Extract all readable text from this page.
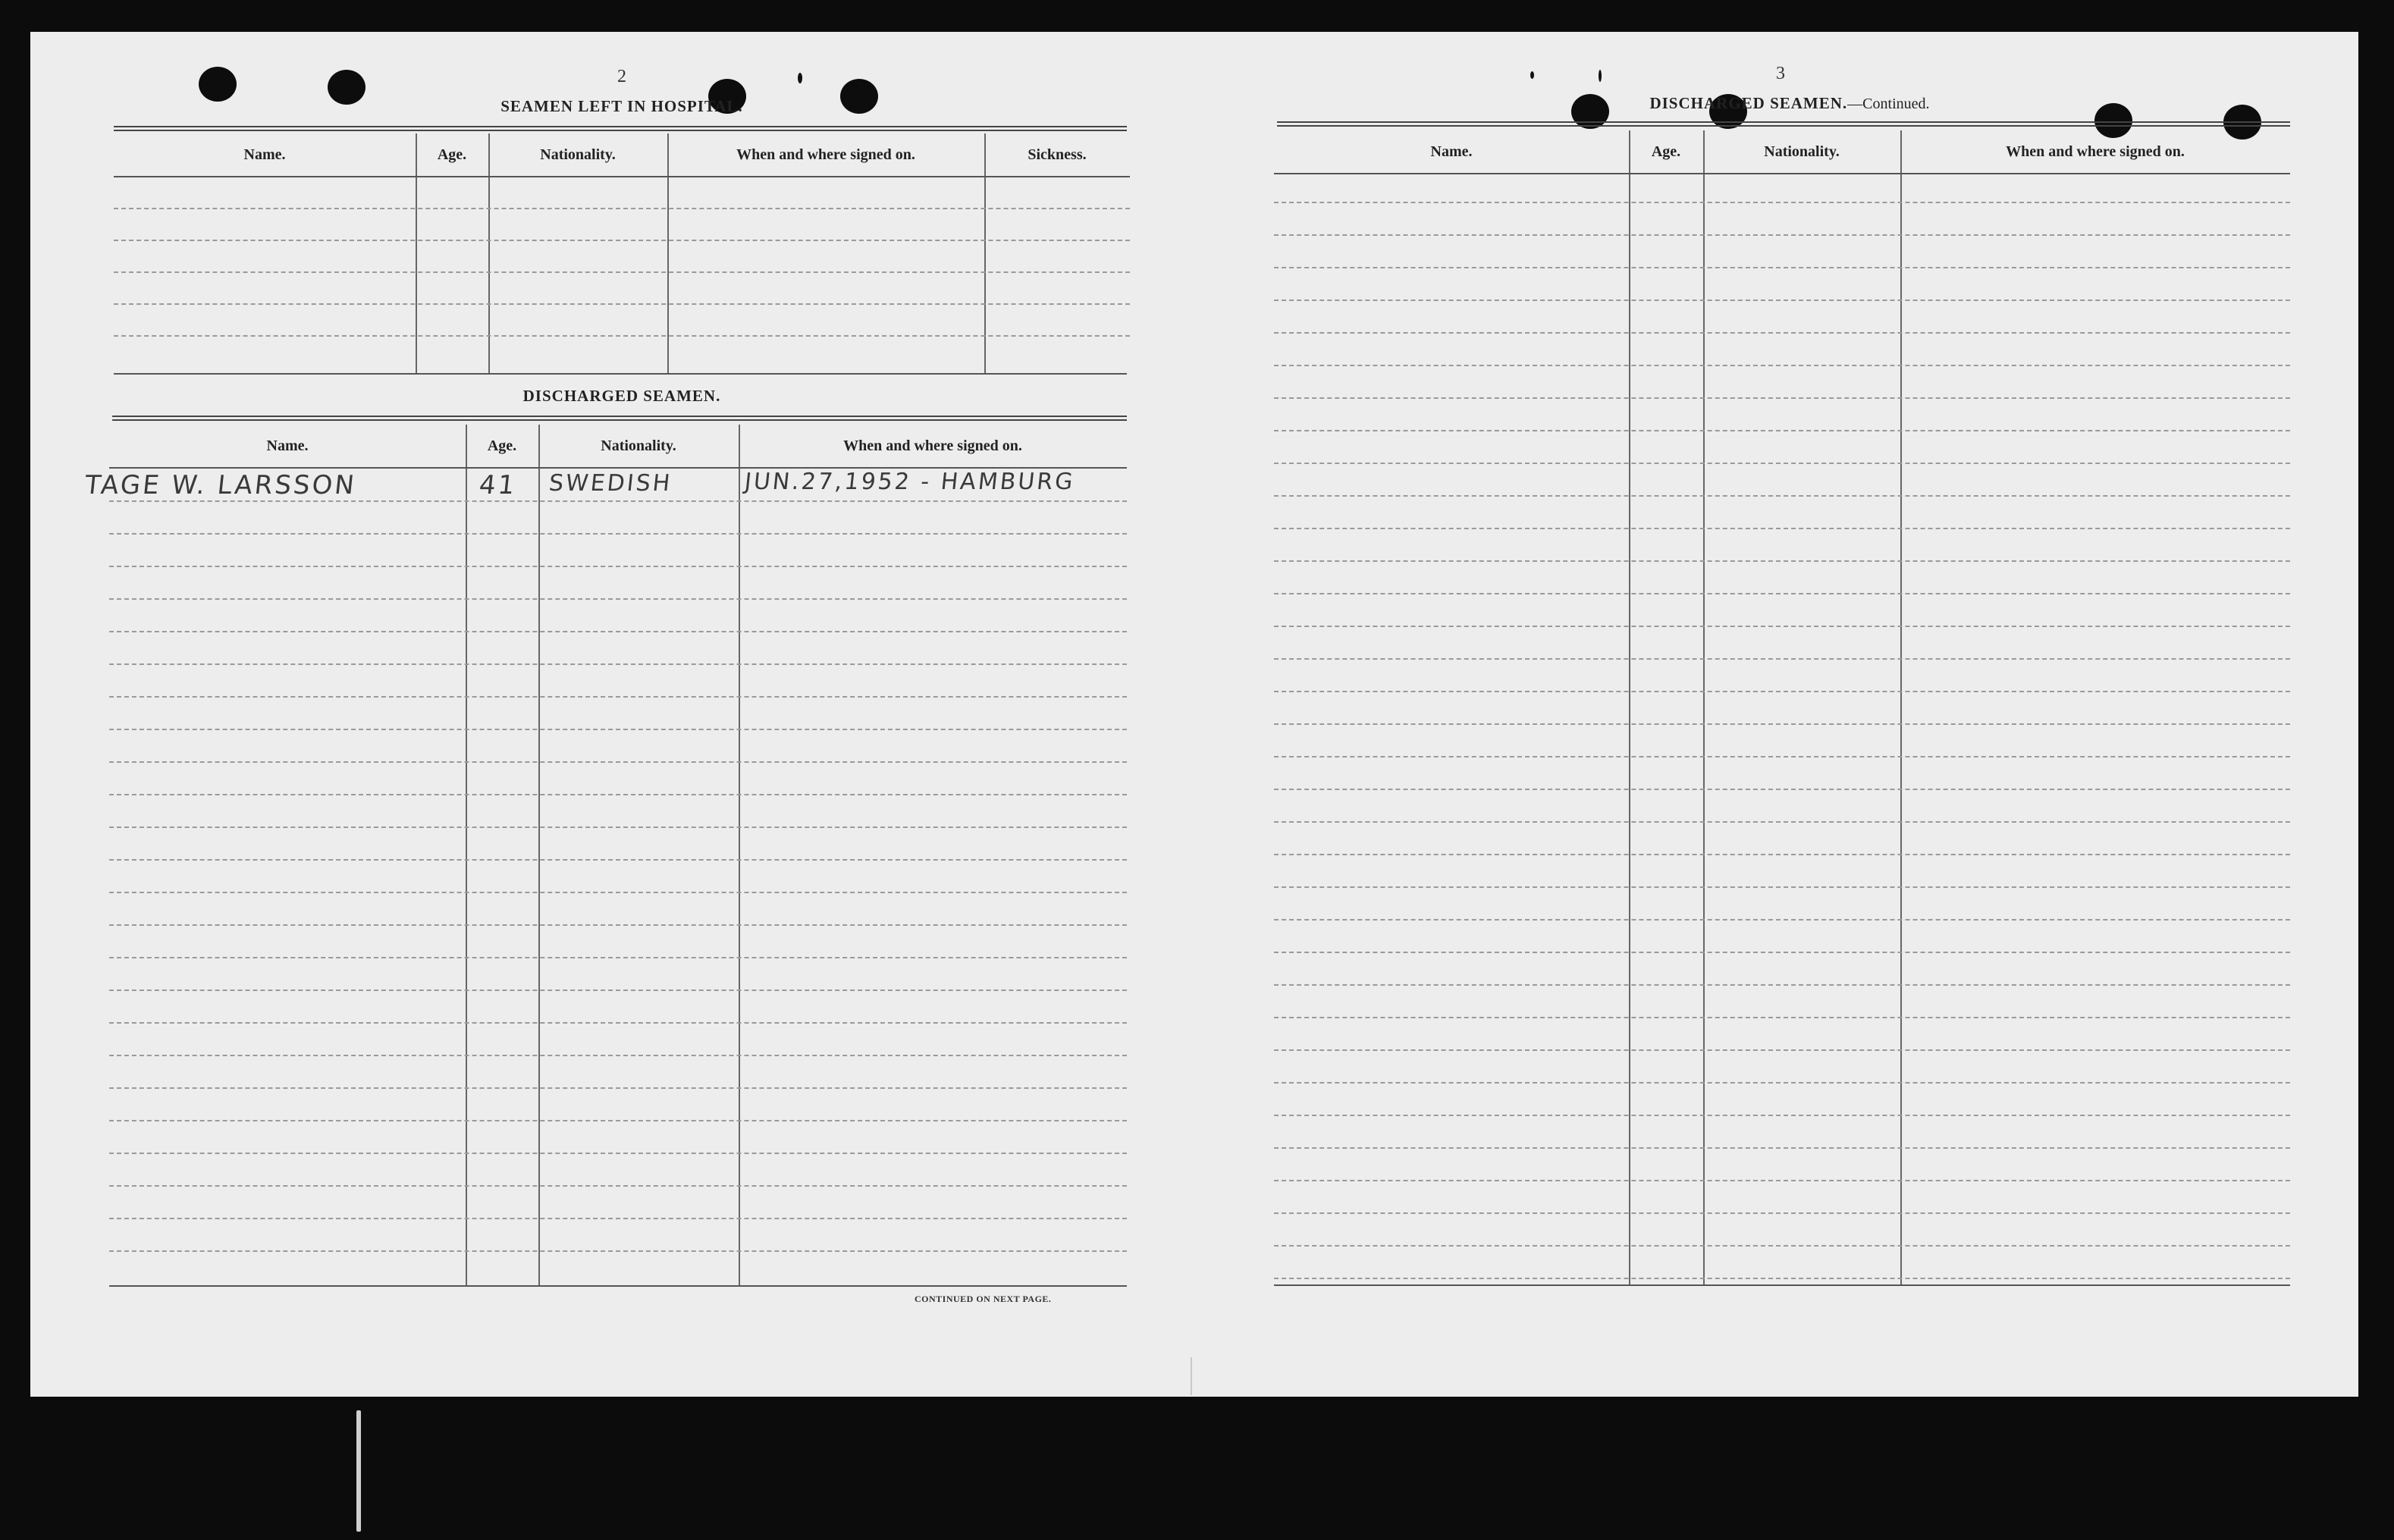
2
SEAMEN LEFT IN HOSPITAL.
Name.	Age.	Nationality.	When and where signed on.	Sickness.
DISCHARGED SEAMEN.
Name.	Age.	Nationality.	When and where signed on.
TAGE W. LARSSON	41 SWEDISH	JUN.27,1952 - HAMBURG
CONTINUED ON NEXT PAGE.
3
DISCHARGED SEAMEN.—Continued.
Name.	Age.	Nationality.	When and where signed on.
